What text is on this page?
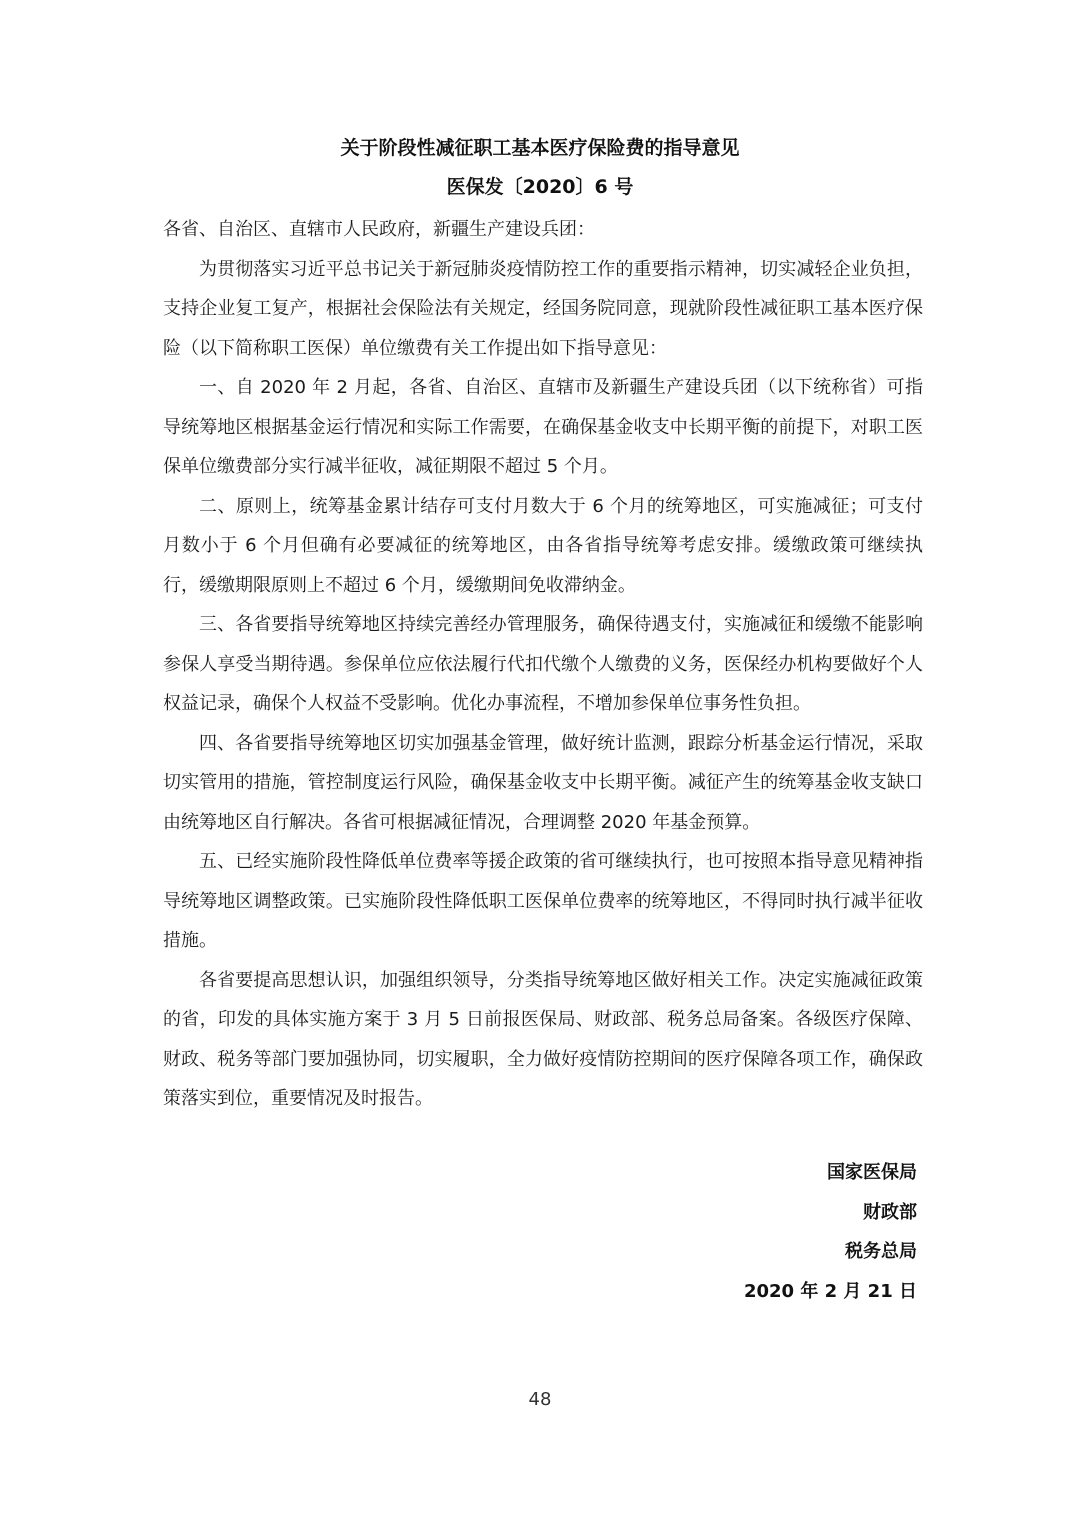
关于阶段性减征职工基本医疗保险费的指导意见
医保发〔2020〕6 号

各省、自治区、直辖市人民政府，新疆生产建设兵团：

为贯彻落实习近平总书记关于新冠肺炎疫情防控工作的重要指示精神，切实减轻企业负担，支持企业复工复产，根据社会保险法有关规定，经国务院同意，现就阶段性减征职工基本医疗保险（以下简称职工医保）单位缴费有关工作提出如下指导意见：

一、自 2020 年 2 月起，各省、自治区、直辖市及新疆生产建设兵团（以下统称省）可指导统筹地区根据基金运行情况和实际工作需要，在确保基金收支中长期平衡的前提下，对职工医保单位缴费部分实行减半征收，减征期限不超过 5 个月。

二、原则上，统筹基金累计结存可支付月数大于 6 个月的统筹地区，可实施减征；可支付月数小于 6 个月但确有必要减征的统筹地区，由各省指导统筹考虑安排。缓缴政策可继续执行，缓缴期限原则上不超过 6 个月，缓缴期间免收滞纳金。

三、各省要指导统筹地区持续完善经办管理服务，确保待遇支付，实施减征和缓缴不能影响参保人享受当期待遇。参保单位应依法履行代扣代缴个人缴费的义务，医保经办机构要做好个人权益记录，确保个人权益不受影响。优化办事流程，不增加参保单位事务性负担。

四、各省要指导统筹地区切实加强基金管理，做好统计监测，跟踪分析基金运行情况，采取切实管用的措施，管控制度运行风险，确保基金收支中长期平衡。减征产生的统筹基金收支缺口由统筹地区自行解决。各省可根据减征情况，合理调整 2020 年基金预算。

五、已经实施阶段性降低单位费率等援企政策的省可继续执行，也可按照本指导意见精神指导统筹地区调整政策。已实施阶段性降低职工医保单位费率的统筹地区，不得同时执行减半征收措施。

各省要提高思想认识，加强组织领导，分类指导统筹地区做好相关工作。决定实施减征政策的省，印发的具体实施方案于 3 月 5 日前报医保局、财政部、税务总局备案。各级医疗保障、财政、税务等部门要加强协同，切实履职，全力做好疫情防控期间的医疗保障各项工作，确保政策落实到位，重要情况及时报告。

国家医保局
财政部
税务总局
2020 年 2 月 21 日
48
